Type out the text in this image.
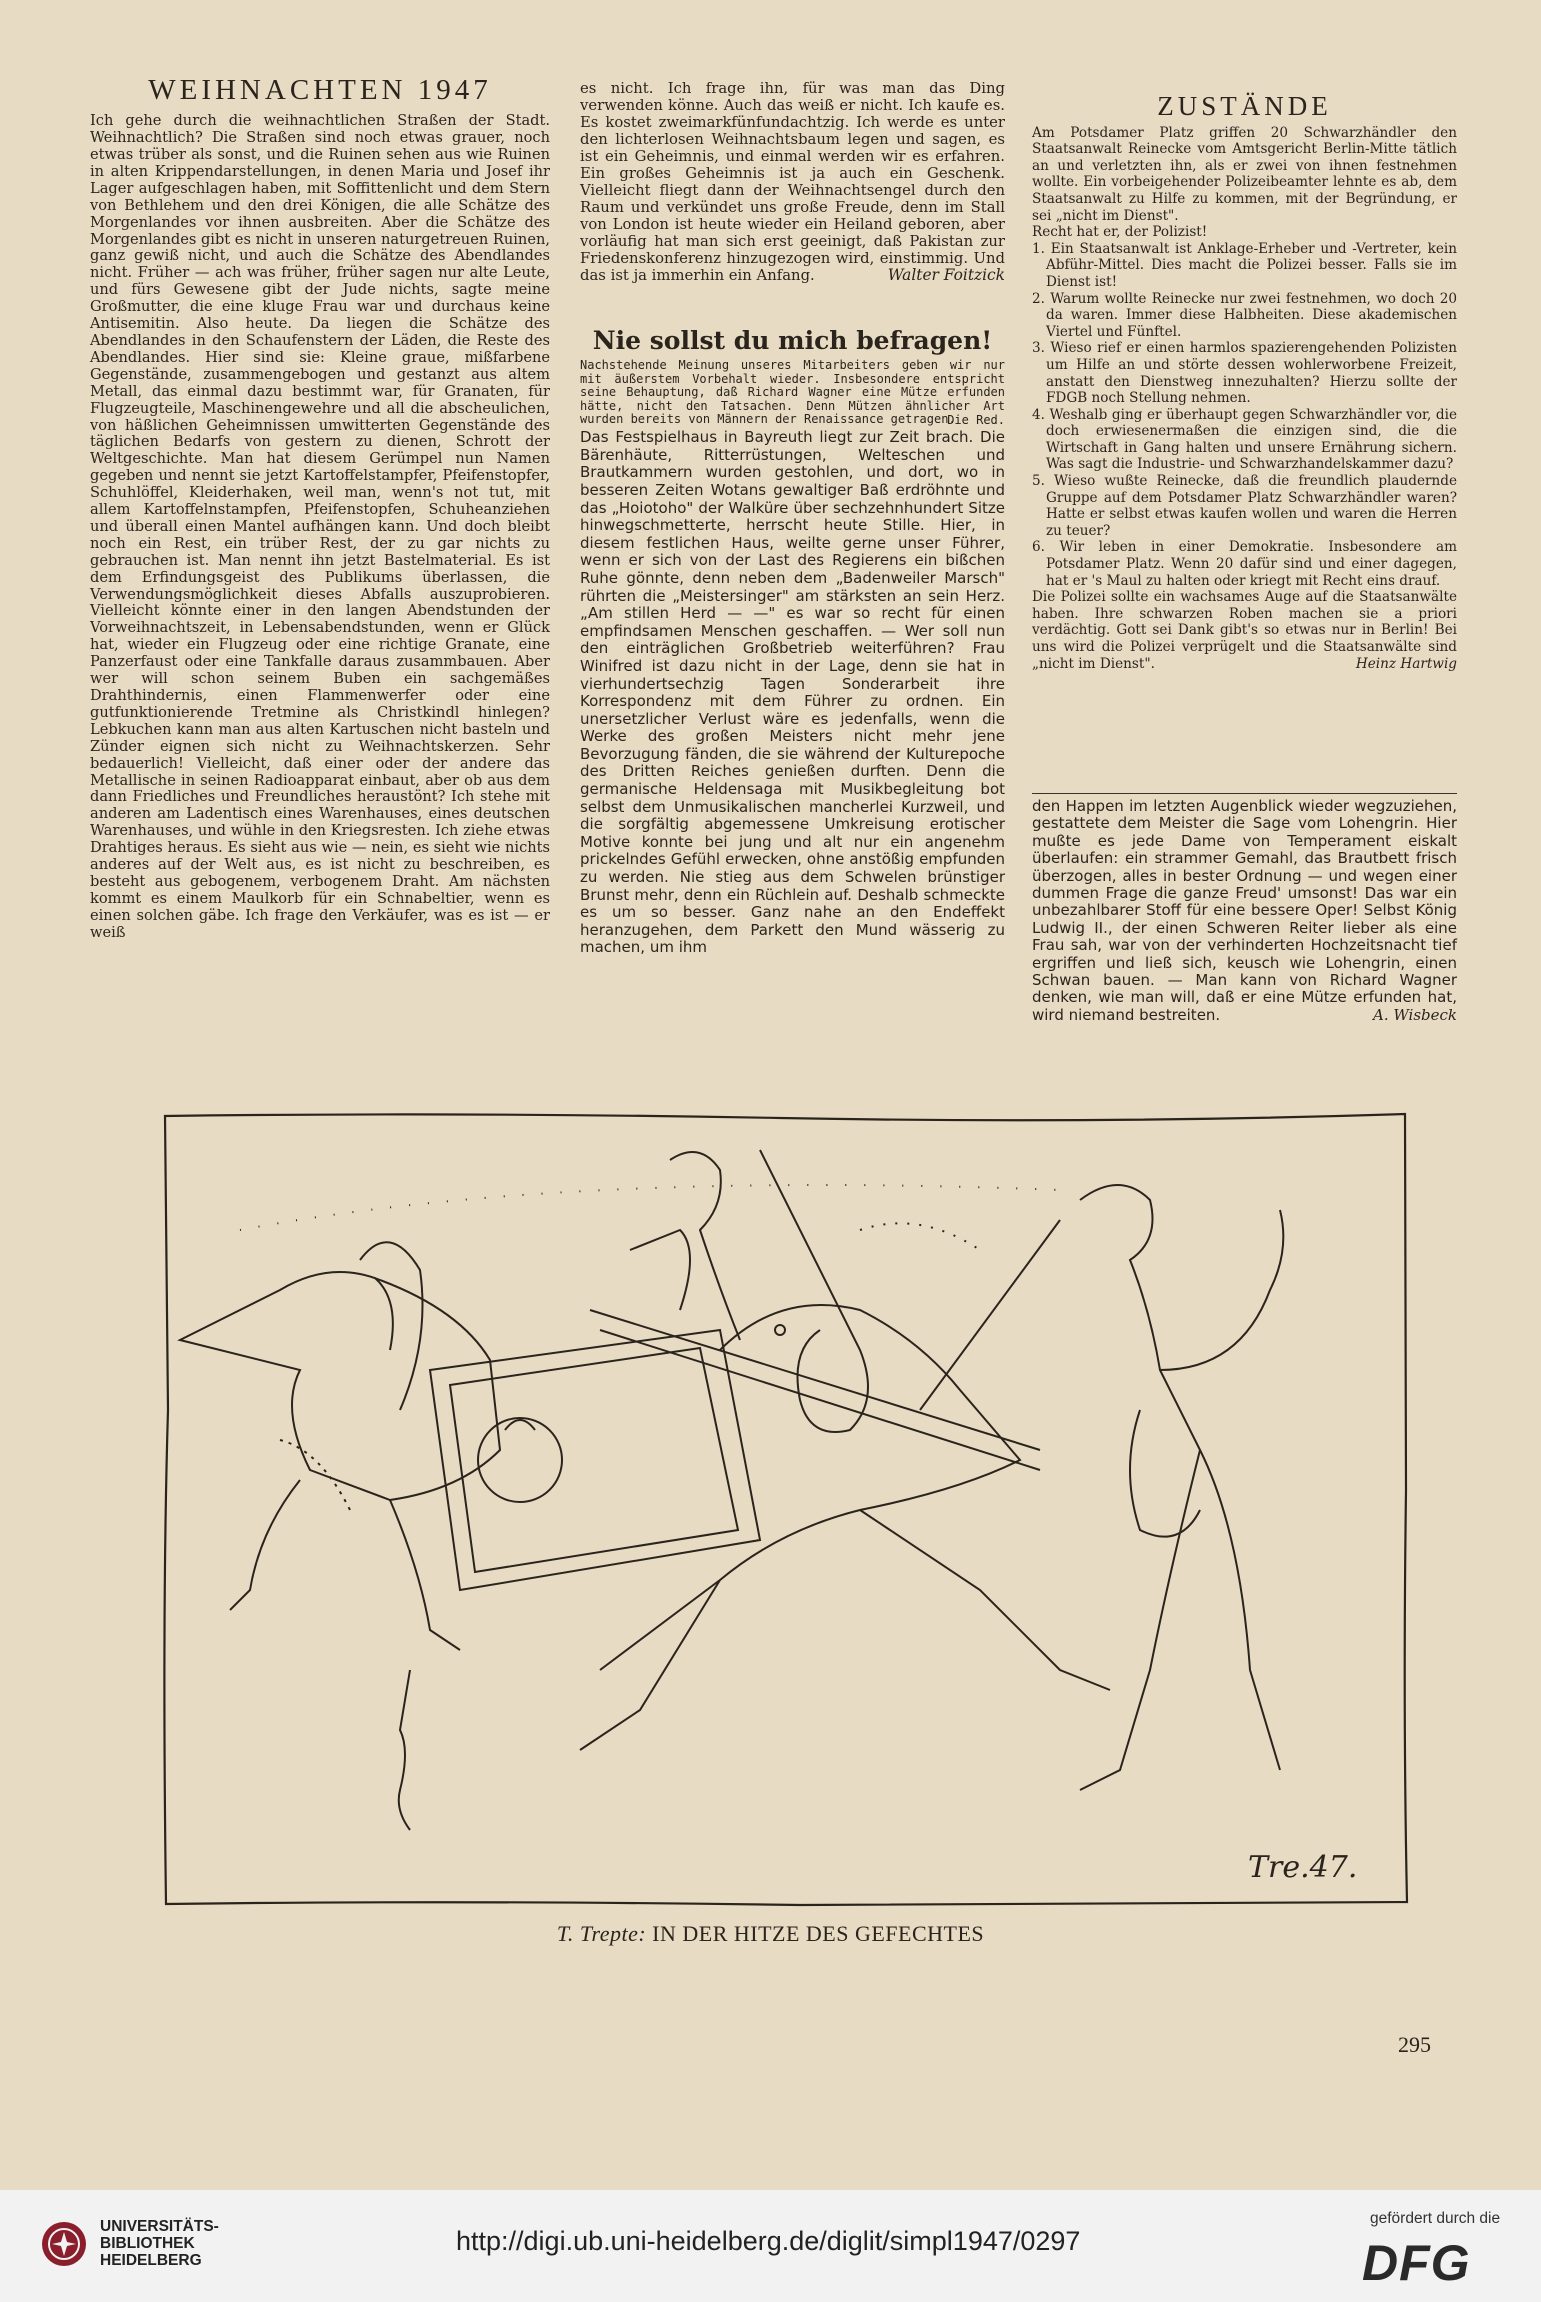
WEIHNACHTEN 1947

Ich gehe durch die weihnachtlichen Straßen der Stadt. Weihnachtlich? Die Straßen sind noch etwas grauer, noch etwas trüber als sonst, und die Ruinen sehen aus wie Ruinen in alten Krippendarstellungen, in denen Maria und Josef ihr Lager aufgeschlagen haben, mit Soffittenlicht und dem Stern von Bethlehem und den drei Königen, die alle Schätze des Morgenlandes vor ihnen ausbreiten. Aber die Schätze des Morgenlandes gibt es nicht in unseren naturgetreuen Ruinen, ganz gewiß nicht, und auch die Schätze des Abendlandes nicht. Früher — ach was früher, früher sagen nur alte Leute, und fürs Gewesene gibt der Jude nichts, sagte meine Großmutter, die eine kluge Frau war und durchaus keine Antisemitin. Also heute. Da liegen die Schätze des Abendlandes in den Schaufenstern der Läden, die Reste des Abendlandes. Hier sind sie: Kleine graue, mißfarbene Gegenstände, zusammengebogen und gestanzt aus altem Metall, das einmal dazu bestimmt war, für Granaten, für Flugzeugteile, Maschinengewehre und all die abscheulichen, von häßlichen Geheimnissen umwitterten Gegenstände des täglichen Bedarfs von gestern zu dienen, Schrott der Weltgeschichte. Man hat diesem Gerümpel nun Namen gegeben und nennt sie jetzt Kartoffelstampfer, Pfeifenstopfer, Schuhlöffel, Kleiderhaken, weil man, wenn's not tut, mit allem Kartoffelnstampfen, Pfeifenstopfen, Schuheanziehen und überall einen Mantel aufhängen kann. Und doch bleibt noch ein Rest, ein trüber Rest, der zu gar nichts zu gebrauchen ist. Man nennt ihn jetzt Bastelmaterial. Es ist dem Erfindungsgeist des Publikums überlassen, die Verwendungsmöglichkeit dieses Abfalls auszuprobieren. Vielleicht könnte einer in den langen Abendstunden der Vorweihnachtszeit, in Lebensabendstunden, wenn er Glück hat, wieder ein Flugzeug oder eine richtige Granate, eine Panzerfaust oder eine Tankfalle daraus zusammbauen. Aber wer will schon seinem Buben ein sachgemäßes Drahthindernis, einen Flammenwerfer oder eine gutfunktionierende Tretmine als Christkindl hinlegen? Lebkuchen kann man aus alten Kartuschen nicht basteln und Zünder eignen sich nicht zu Weihnachtskerzen. Sehr bedauerlich! Vielleicht, daß einer oder der andere das Metallische in seinen Radioapparat einbaut, aber ob aus dem dann Friedliches und Freundliches heraustönt? Ich stehe mit anderen am Ladentisch eines Warenhauses, eines deutschen Warenhauses, und wühle in den Kriegsresten. Ich ziehe etwas Drahtiges heraus. Es sieht aus wie — nein, es sieht wie nichts anderes auf der Welt aus, es ist nicht zu beschreiben, es besteht aus gebogenem, verbogenem Draht. Am nächsten kommt es einem Maulkorb für ein Schnabeltier, wenn es einen solchen gäbe. Ich frage den Verkäufer, was es ist — er weiß

es nicht. Ich frage ihn, für was man das Ding verwenden könne. Auch das weiß er nicht. Ich kaufe es. Es kostet zweimarkfünfundachtzig. Ich werde es unter den lichterlosen Weihnachtsbaum legen und sagen, es ist ein Geheimnis, und einmal werden wir es erfahren. Ein großes Geheimnis ist ja auch ein Geschenk. Vielleicht fliegt dann der Weihnachtsengel durch den Raum und verkündet uns große Freude, denn im Stall von London ist heute wieder ein Heiland geboren, aber vorläufig hat man sich erst geeinigt, daß Pakistan zur Friedenskonferenz hinzugezogen wird, einstimmig. Und das ist ja immerhin ein Anfang.	Walter Foitzick
Nie sollst du mich befragen!

Nachstehende Meinung unseres Mitarbeiters geben wir nur mit äußerstem Vorbehalt wieder. Insbesondere entspricht seine Behauptung, daß Richard Wagner eine Mütze erfunden hätte, nicht den Tatsachen. Denn Mützen ähnlicher Art wurden bereits von Männern der Renaissance getragen.

Die Red.

Das Festspielhaus in Bayreuth liegt zur Zeit brach. Die Bärenhäute, Ritterrüstungen, Welteschen und Brautkammern wurden gestohlen, und dort, wo in besseren Zeiten Wotans gewaltiger Baß erdröhnte und das „Hoiotoho" der Walküre über sechzehnhundert Sitze hinwegschmetterte, herrscht heute Stille. Hier, in diesem festlichen Haus, weilte gerne unser Führer, wenn er sich von der Last des Regierens ein bißchen Ruhe gönnte, denn neben dem „Badenweiler Marsch" rührten die „Meistersinger" am stärksten an sein Herz. „Am stillen Herd — —" es war so recht für einen empfindsamen Menschen geschaffen. — Wer soll nun den einträglichen Großbetrieb weiterführen? Frau Winifred ist dazu nicht in der Lage, denn sie hat in vierhundertsechzig Tagen Sonderarbeit ihre Korrespondenz mit dem Führer zu ordnen. Ein unersetzlicher Verlust wäre es jedenfalls, wenn die Werke des großen Meisters nicht mehr jene Bevorzugung fänden, die sie während der Kulturepoche des Dritten Reiches genießen durften. Denn die germanische Heldensaga mit Musikbegleitung bot selbst dem Unmusikalischen mancherlei Kurzweil, und die sorgfältig abgemessene Umkreisung erotischer Motive konnte bei jung und alt nur ein angenehm prickelndes Gefühl erwecken, ohne anstößig empfunden zu werden. Nie stieg aus dem Schwelen brünstiger Brunst mehr, denn ein Rüchlein auf. Deshalb schmeckte es um so besser. Ganz nahe an den Endeffekt heranzugehen, dem Parkett den Mund wässerig zu machen, um ihm

ZUSTÄNDE

Am Potsdamer Platz griffen 20 Schwarzhändler den Staatsanwalt Reinecke vom Amtsgericht Berlin-Mitte tätlich an und verletzten ihn, als er zwei von ihnen festnehmen wollte. Ein vorbeigehender Polizeibeamter lehnte es ab, dem Staatsanwalt zu Hilfe zu kommen, mit der Begründung, er sei „nicht im Dienst".

Recht hat er, der Polizist!

1. Ein Staatsanwalt ist Anklage-Erheber und -Vertreter, kein Abführ-Mittel. Dies macht die Polizei besser. Falls sie im Dienst ist!

2. Warum wollte Reinecke nur zwei festnehmen, wo doch 20 da waren. Immer diese Halbheiten. Diese akademischen Viertel und Fünftel.

3. Wieso rief er einen harmlos spazierengehenden Polizisten um Hilfe an und störte dessen wohlerworbene Freizeit, anstatt den Dienstweg innezuhalten? Hierzu sollte der FDGB noch Stellung nehmen.

4. Weshalb ging er überhaupt gegen Schwarzhändler vor, die doch erwiesenermaßen die einzigen sind, die die Wirtschaft in Gang halten und unsere Ernährung sichern. Was sagt die Industrie- und Schwarzhandelskammer dazu?

5. Wieso wußte Reinecke, daß die freundlich plaudernde Gruppe auf dem Potsdamer Platz Schwarzhändler waren? Hatte er selbst etwas kaufen wollen und waren die Herren zu teuer?

6. Wir leben in einer Demokratie. Insbesondere am Potsdamer Platz. Wenn 20 dafür sind und einer dagegen, hat er 's Maul zu halten oder kriegt mit Recht eins drauf.

Die Polizei sollte ein wachsames Auge auf die Staatsanwälte haben. Ihre schwarzen Roben machen sie a priori verdächtig. Gott sei Dank gibt's so etwas nur in Berlin! Bei uns wird die Polizei verprügelt und die Staatsanwälte sind „nicht im Dienst".	Heinz Hartwig

den Happen im letzten Augenblick wieder wegzuziehen, gestattete dem Meister die Sage vom Lohengrin. Hier mußte es jede Dame von Temperament eiskalt überlaufen: ein strammer Gemahl, das Brautbett frisch überzogen, alles in bester Ordnung — und wegen einer dummen Frage die ganze Freud' umsonst! Das war ein unbezahlbarer Stoff für eine bessere Oper! Selbst König Ludwig II., der einen Schweren Reiter lieber als eine Frau sah, war von der verhinderten Hochzeitsnacht tief ergriffen und ließ sich, keusch wie Lohengrin, einen Schwan bauen. — Man kann von Richard Wagner denken, wie man will, daß er eine Mütze erfunden hat, wird niemand bestreiten.	A. Wisbeck
Tre.47.
T. Trepte: IN DER HITZE DES GEFECHTES
295
UNIVERSITÄTS-
BIBLIOTHEK
HEIDELBERG
http://digi.ub.uni-heidelberg.de/diglit/simpl1947/0297
gefördert durch die
DFG
